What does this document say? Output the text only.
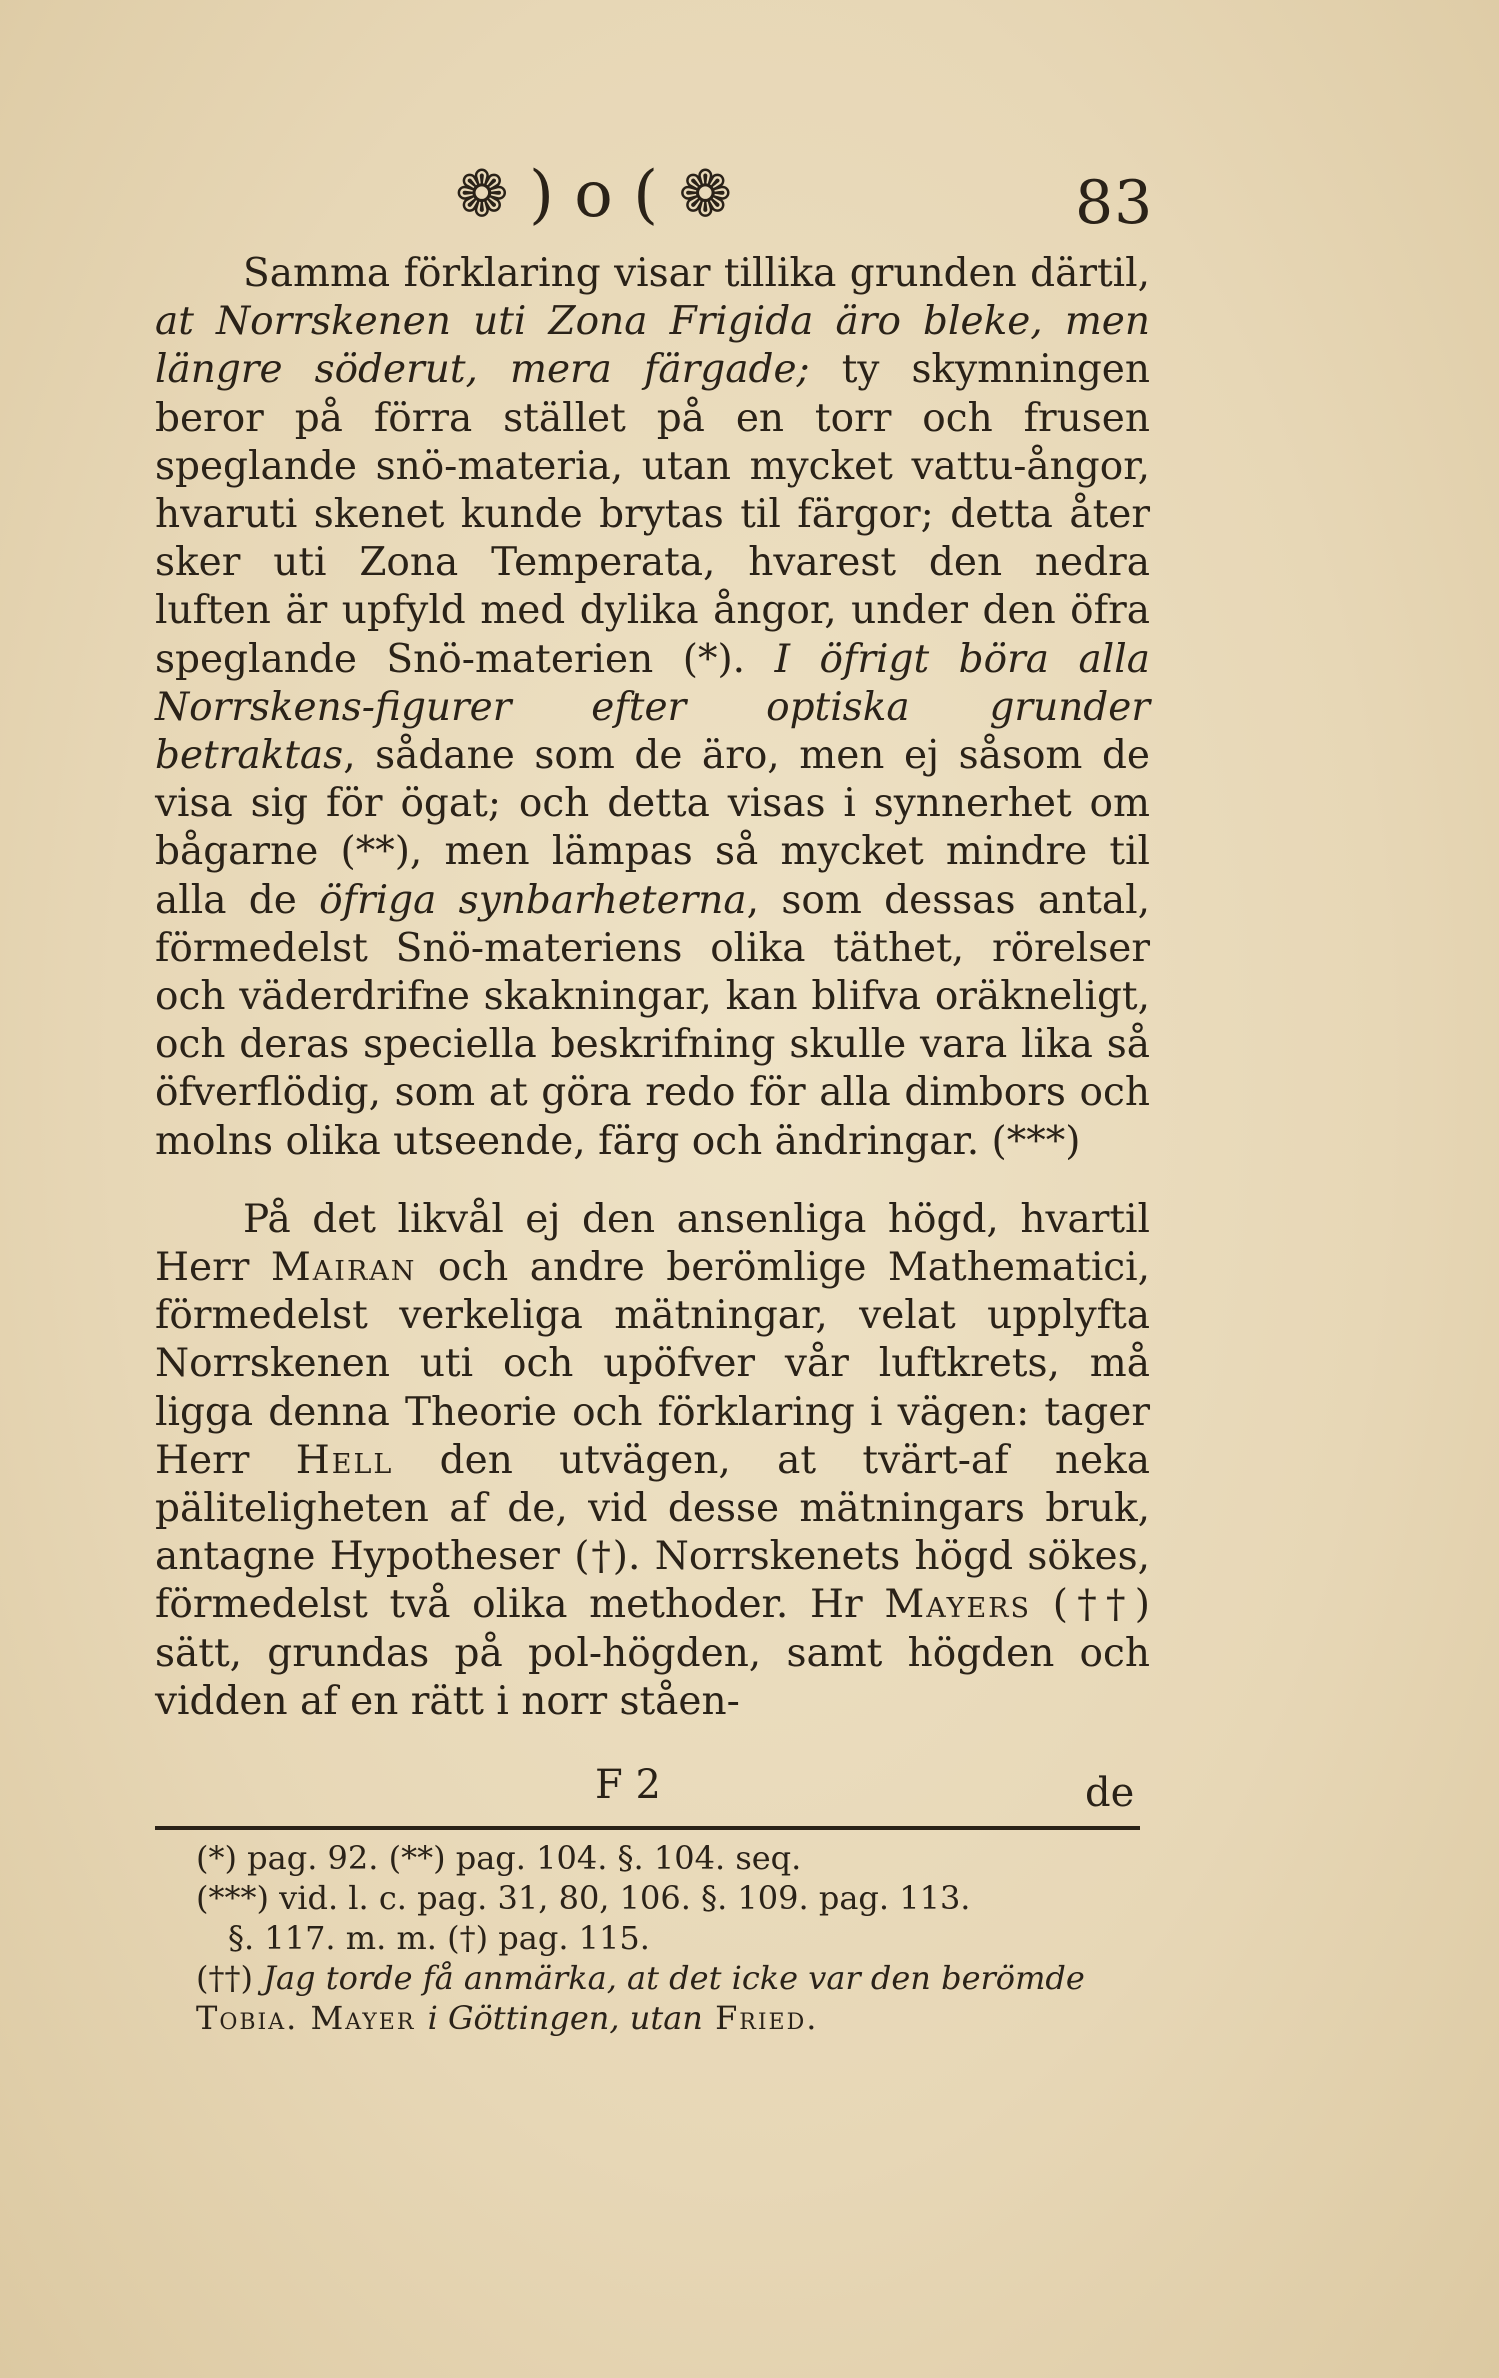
❁ ) o ( ❁	83

Samma förklaring visar tillika grunden därtil, at Norrskenen uti Zona Frigida äro bleke, men längre söderut, mera färgade; ty skymningen beror på förra stället på en torr och frusen speglande snö-materia, utan mycket vattu-ångor, hvaruti skenet kunde brytas til färgor; detta åter sker uti Zona Temperata, hvarest den nedra luften är upfyld med dylika ångor, under den öfra speglande Snö-materien (*). I öfrigt böra alla Norrskens-figurer efter optiska grunder betraktas, sådane som de äro, men ej såsom de visa sig för ögat; och detta visas i synnerhet om bågarne (**), men lämpas så mycket mindre til alla de öfriga synbarheterna, som dessas antal, förmedelst Snö-materiens olika täthet, rörelser och väderdrifne skakningar, kan blifva oräkneligt, och deras speciella beskrifning skulle vara lika så öfverflödig, som at göra redo för alla dimbors och molns olika utseende, färg och ändringar. (***)

På det likvål ej den ansenliga högd, hvartil Herr Mairan och andre berömlige Mathematici, förmedelst verkeliga mätningar, velat upplyfta Norrskenen uti och upöfver vår luftkrets, må ligga denna Theorie och förklaring i vägen: tager Herr Hell den utvägen, at tvärt-af neka päliteligheten af de, vid desse mätningars bruk, antagne Hypotheser (†). Norrskenets högd sökes, förmedelst två olika methoder. Hr Mayers (††) sätt, grundas på pol-högden, samt högden och vidden af en rätt i norr ståen-

F 2	de
(*) pag. 92. (**) pag. 104. §. 104. seq.
(***) vid. l. c. pag. 31, 80, 106. §. 109. pag. 113.
§. 117. m. m. (†) pag. 115.
(††) Jag torde få anmärka, at det icke var den berömde Tobia. Mayer i Göttingen, utan Fried.
